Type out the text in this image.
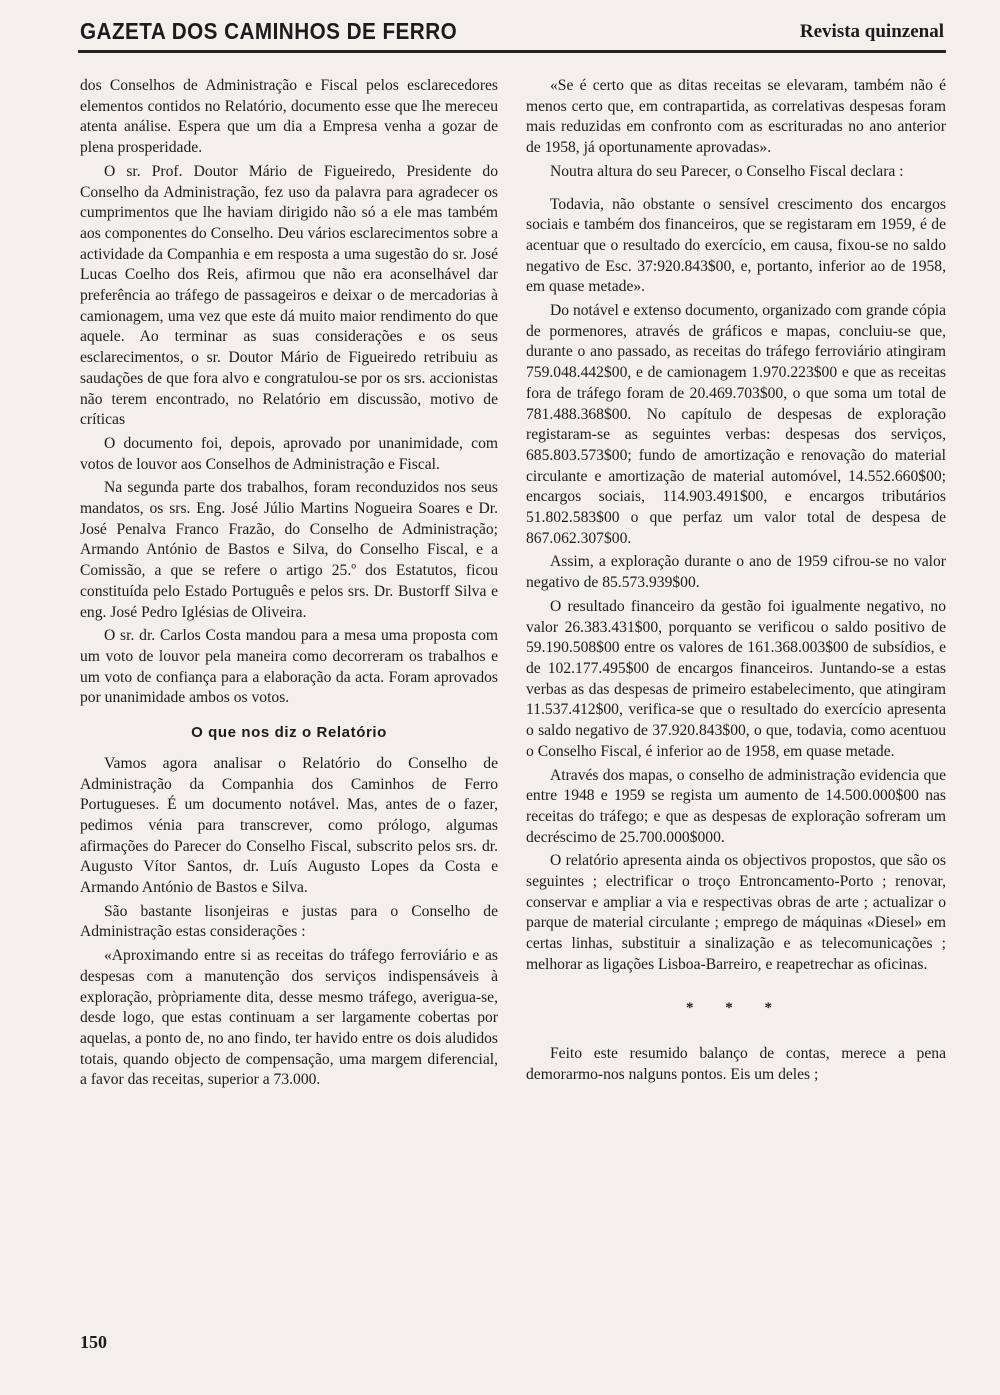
GAZETA DOS CAMINHOS DE FERRO	Revista quinzenal

dos Conselhos de Administração e Fiscal pelos esclarecedores elementos contidos no Relatório, documento esse que lhe mereceu atenta análise. Espera que um dia a Empresa venha a gozar de plena prosperidade.

O sr. Prof. Doutor Mário de Figueiredo, Presidente do Conselho da Administração, fez uso da palavra para agradecer os cumprimentos que lhe haviam dirigido não só a ele mas também aos componentes do Conselho. Deu vários esclarecimentos sobre a actividade da Companhia e em resposta a uma sugestão do sr. José Lucas Coelho dos Reis, afirmou que não era aconselhável dar preferência ao tráfego de passageiros e deixar o de mercadorias à camionagem, uma vez que este dá muito maior rendimento do que aquele. Ao terminar as suas considerações e os seus esclarecimentos, o sr. Doutor Mário de Figueiredo retribuiu as saudações de que fora alvo e congratulou-se por os srs. accionistas não terem encontrado, no Relatório em discussão, motivo de críticas

O documento foi, depois, aprovado por unanimidade, com votos de louvor aos Conselhos de Administração e Fiscal.

Na segunda parte dos trabalhos, foram reconduzidos nos seus mandatos, os srs. Eng. José Júlio Martins Nogueira Soares e Dr. José Penalva Franco Frazão, do Conselho de Administração; Armando António de Bastos e Silva, do Conselho Fiscal, e a Comissão, a que se refere o artigo 25.º dos Estatutos, ficou constituída pelo Estado Português e pelos srs. Dr. Bustorff Silva e eng. José Pedro Iglésias de Oliveira.

O sr. dr. Carlos Costa mandou para a mesa uma proposta com um voto de louvor pela maneira como decorreram os trabalhos e um voto de confiança para a elaboração da acta. Foram aprovados por unanimidade ambos os votos.

O que nos diz o Relatório

Vamos agora analisar o Relatório do Conselho de Administração da Companhia dos Caminhos de Ferro Portugueses. É um documento notável. Mas, antes de o fazer, pedimos vénia para transcrever, como prólogo, algumas afirmações do Parecer do Conselho Fiscal, subscrito pelos srs. dr. Augusto Vítor Santos, dr. Luís Augusto Lopes da Costa e Armando António de Bastos e Silva.

São bastante lisonjeiras e justas para o Conselho de Administração estas considerações :

«Aproximando entre si as receitas do tráfego ferroviário e as despesas com a manutenção dos serviços indispensáveis à exploração, pròpriamente dita, desse mesmo tráfego, averigua-se, desde logo, que estas continuam a ser largamente cobertas por aquelas, a ponto de, no ano findo, ter havido entre os dois aludidos totais, quando objecto de compensação, uma margem diferencial, a favor das receitas, superior a 73.000.

«Se é certo que as ditas receitas se elevaram, também não é menos certo que, em contrapartida, as correlativas despesas foram mais reduzidas em confronto com as escrituradas no ano anterior de 1958, já oportunamente aprovadas».

Noutra altura do seu Parecer, o Conselho Fiscal declara :

Todavia, não obstante o sensível crescimento dos encargos sociais e também dos financeiros, que se registaram em 1959, é de acentuar que o resultado do exercício, em causa, fixou-se no saldo negativo de Esc. 37:920.843$00, e, portanto, inferior ao de 1958, em quase metade».

Do notável e extenso documento, organizado com grande cópia de pormenores, através de gráficos e mapas, concluiu-se que, durante o ano passado, as receitas do tráfego ferroviário atingiram 759.048.442$00, e de camionagem 1.970.223$00 e que as receitas fora de tráfego foram de 20.469.703$00, o que soma um total de 781.488.368$00. No capítulo de despesas de exploração registaram-se as seguintes verbas: despesas dos serviços, 685.803.573$00; fundo de amortização e renovação do material circulante e amortização de material automóvel, 14.552.660$00; encargos sociais, 114.903.491$00, e encargos tributários 51.802.583$00 o que perfaz um valor total de despesa de 867.062.307$00.

Assim, a exploração durante o ano de 1959 cifrou-se no valor negativo de 85.573.939$00.

O resultado financeiro da gestão foi igualmente negativo, no valor 26.383.431$00, porquanto se verificou o saldo positivo de 59.190.508$00 entre os valores de 161.368.003$00 de subsídios, e de 102.177.495$00 de encargos financeiros. Juntando-se a estas verbas as das despesas de primeiro estabelecimento, que atingiram 11.537.412$00, verifica-se que o resultado do exercício apresenta o saldo negativo de 37.920.843$00, o que, todavia, como acentuou o Conselho Fiscal, é inferior ao de 1958, em quase metade.

Através dos mapas, o conselho de administração evidencia que entre 1948 e 1959 se regista um aumento de 14.500.000$00 nas receitas do tráfego; e que as despesas de exploração sofreram um decréscimo de 25.700.000$000.

O relatório apresenta ainda os objectivos propostos, que são os seguintes ; electrificar o troço Entroncamento-Porto ; renovar, conservar e ampliar a via e respectivas obras de arte ; actualizar o parque de material circulante ; emprego de máquinas «Diesel» em certas linhas, substituir a sinalização e as telecomunicações ; melhorar as ligações Lisboa-Barreiro, e reapetrechar as oficinas.

* * *

Feito este resumido balanço de contas, merece a pena demorarmo-nos nalguns pontos. Eis um deles ;

150
